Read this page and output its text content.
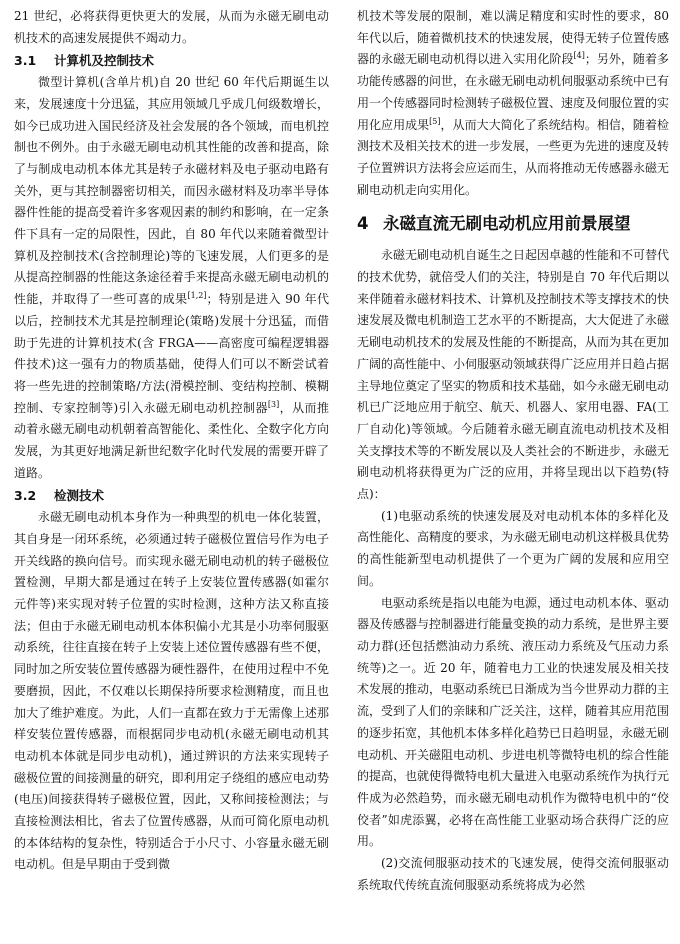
21 世纪，必将获得更快更大的发展，从而为永磁无刷电动机技术的高速发展提供不竭动力。

3.1 计算机及控制技术

微型计算机(含单片机)自 20 世纪 60 年代后期诞生以来，发展速度十分迅猛，其应用领域几乎成几何级数增长，如今已成功进入国民经济及社会发展的各个领域，而电机控制也不例外。由于永磁无刷电动机其性能的改善和提高，除了与制成电动机本体尤其是转子永磁材料及电子驱动电路有关外，更与其控制器密切相关，而因永磁材料及功率半导体器件性能的提高受着许多客观因素的制约和影响，在一定条件下具有一定的局限性，因此，自 80 年代以来随着微型计算机及控制技术(含控制理论)等的飞速发展，人们更多的是从提高控制器的性能这条途径着手来提高永磁无刷电动机的性能，并取得了一些可喜的成果[1,2]；特别是进入 90 年代以后，控制技术尤其是控制理论(策略)发展十分迅猛，而借助于先进的计算机技术(含 FRGA——高密度可编程逻辑器件技术)这一强有力的物质基础，使得人们可以不断尝试着将一些先进的控制策略/方法(滑模控制、变结构控制、模糊控制、专家控制等)引入永磁无刷电动机控制器[3]，从而推动着永磁无刷电动机朝着高智能化、柔性化、全数字化方向发展，为其更好地满足新世纪数字化时代发展的需要开辟了道路。

3.2 检测技术

永磁无刷电动机本身作为一种典型的机电一体化装置，其自身是一闭环系统，必须通过转子磁极位置信号作为电子开关线路的换向信号。而实现永磁无刷电动机的转子磁极位置检测，早期大都是通过在转子上安装位置传感器(如霍尔元件等)来实现对转子位置的实时检测，这种方法又称直接法；但由于永磁无刷电动机本体积偏小尤其是小功率伺服驱动系统，往往直接在转子上安装上述位置传感器有些不便，同时加之所安装位置传感器为硬性器件，在使用过程中不免要磨损，因此，不仅难以长期保持所要求检测精度，而且也加大了维护难度。为此，人们一直都在致力于无需像上述那样安装位置传感器，而根据同步电动机(永磁无刷电动机其电动机本体就是同步电动机)，通过辨识的方法来实现转子磁极位置的间接测量的研究，即利用定子绕组的感应电动势(电压)间接获得转子磁极位置，因此，又称间接检测法；与直接检测法相比，省去了位置传感器，从而可简化原电动机的本体结构的复杂性，特别适合于小尺寸、小容量永磁无刷电动机。但是早期由于受到微

机技术等发展的限制，难以满足精度和实时性的要求，80 年代以后，随着微机技术的快速发展，使得无转子位置传感器的永磁无刷电动机得以进入实用化阶段[4]；另外，随着多功能传感器的问世，在永磁无刷电动机伺服驱动系统中已有用一个传感器同时检测转子磁极位置、速度及伺服位置的实用化应用成果[5]，从而大大简化了系统结构。相信，随着检测技术及相关技术的进一步发展，一些更为先进的速度及转子位置辨识方法将会应运而生，从而将推动无传感器永磁无刷电动机走向实用化。

4 永磁直流无刷电动机应用前景展望

永磁无刷电动机自诞生之日起因卓越的性能和不可替代的技术优势，就倍受人们的关注，特别是自 70 年代后期以来伴随着永磁材料技术、计算机及控制技术等支撑技术的快速发展及微电机制造工艺水平的不断提高，大大促进了永磁无刷电动机技术的发展及性能的不断提高，从而为其在更加广阔的高性能中、小伺服驱动领域获得广泛应用并日趋占据主导地位奠定了坚实的物质和技术基础，如今永磁无刷电动机已广泛地应用于航空、航天、机器人、家用电器、FA(工厂自动化)等领域。今后随着永磁无刷直流电动机技术及相关支撑技术等的不断发展以及人类社会的不断进步，永磁无刷电动机将获得更为广泛的应用，并将呈现出以下趋势(特点)：

(1)电驱动系统的快速发展及对电动机本体的多样化及高性能化、高精度的要求，为永磁无刷电动机这样极具优势的高性能新型电动机提供了一个更为广阔的发展和应用空间。

电驱动系统是指以电能为电源，通过电动机本体、驱动器及传感器与控制器进行能量变换的动力系统，是世界主要动力群(还包括燃油动力系统、液压动力系统及气压动力系统等)之一。近 20 年，随着电力工业的快速发展及相关技术发展的推动，电驱动系统已日渐成为当今世界动力群的主流，受到了人们的亲睐和广泛关注，这样，随着其应用范围的逐步拓宽，其他机本体多样化趋势已日趋明显，永磁无刷电动机、开关磁阻电动机、步进电机等微特电机的综合性能的提高，也就使得微特电机大量进入电驱动系统作为执行元件成为必然趋势，而永磁无刷电动机作为微特电机中的“佼佼者”如虎添翼，必将在高性能工业驱动场合获得广泛的应用。

(2)交流伺服驱动技术的飞速发展，使得交流伺服驱动系统取代传统直流伺服驱动系统将成为必然
